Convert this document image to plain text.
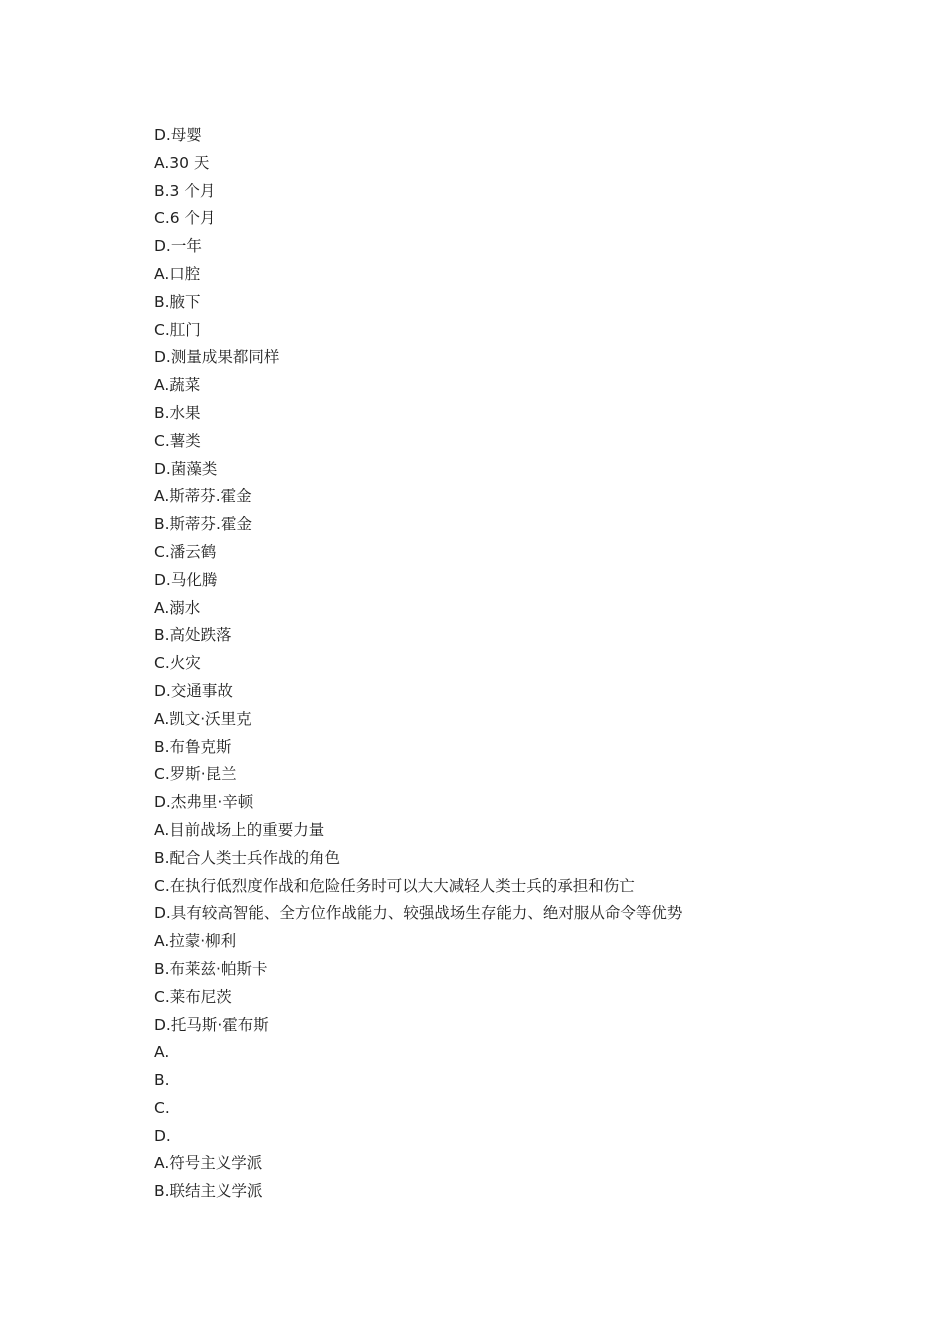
D.母婴
A.30 天
B.3 个月
C.6 个月
D.一年
A.口腔
B.腋下
C.肛门
D.测量成果都同样
A.蔬菜
B.水果
C.薯类
D.菌藻类
A.斯蒂芬.霍金
B.斯蒂芬.霍金
C.潘云鹤
D.马化腾
A.溺水
B.高处跌落
C.火灾
D.交通事故
A.凯文·沃里克
B.布鲁克斯
C.罗斯·昆兰
D.杰弗里·辛顿
A.目前战场上的重要力量
B.配合人类士兵作战的角色
C.在执行低烈度作战和危险任务时可以大大减轻人类士兵的承担和伤亡
D.具有较高智能、全方位作战能力、较强战场生存能力、绝对服从命令等优势
A.拉蒙·柳利
B.布莱兹·帕斯卡
C.莱布尼茨
D.托马斯·霍布斯
A.
B.
C.
D.
A.符号主义学派
B.联结主义学派
